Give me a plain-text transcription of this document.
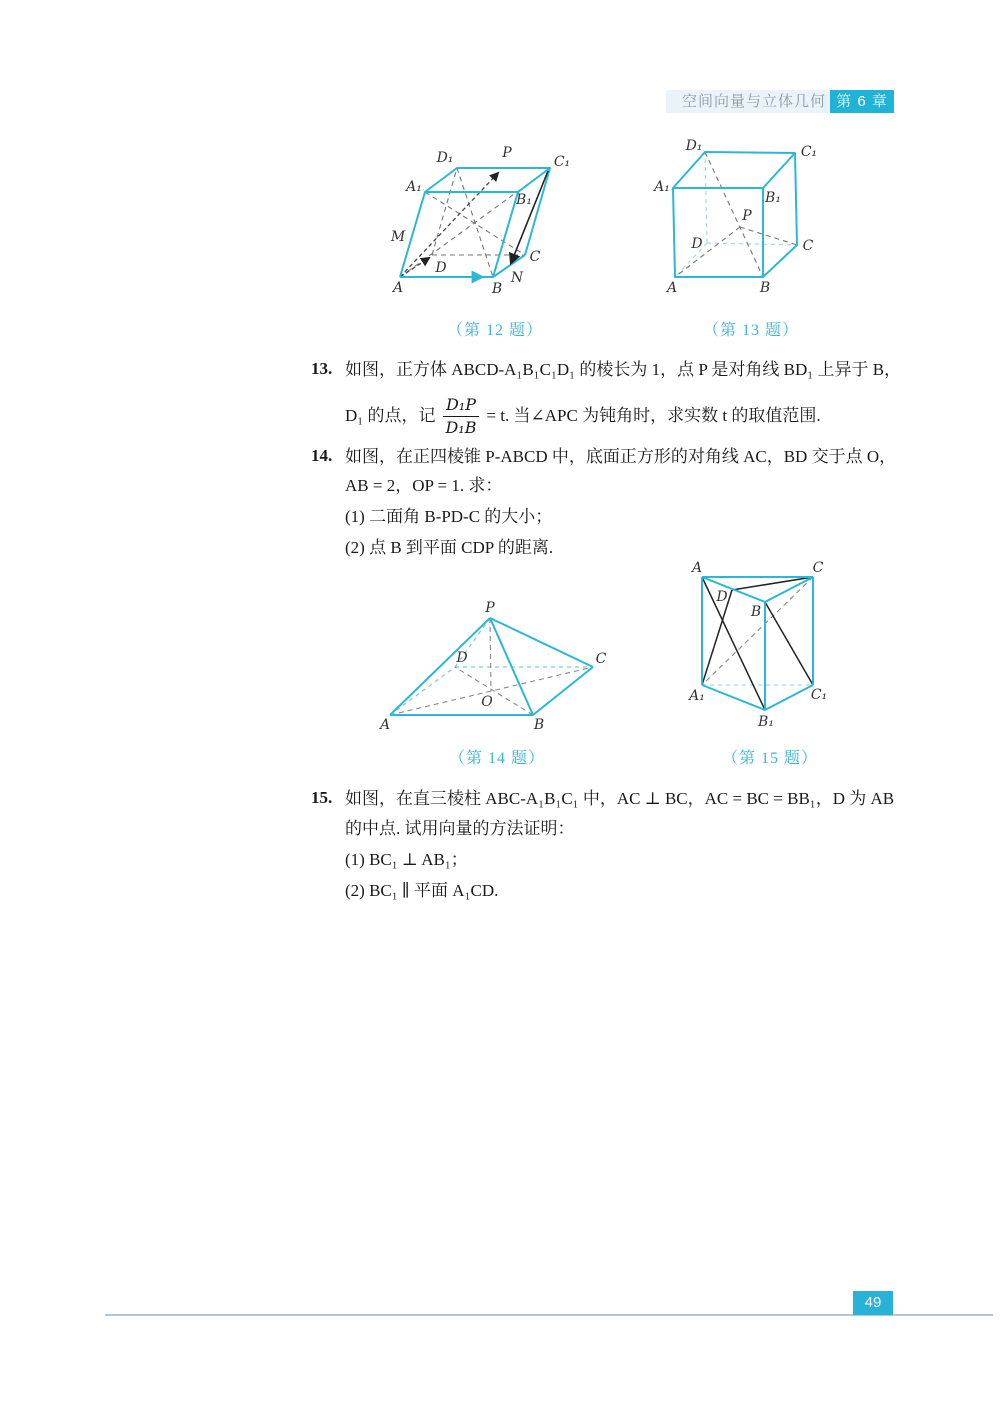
空间向量与立体几何 第 6 章
A	B
C
D
A₁
B₁
C₁
D₁
M
N
P
A	B
C
D
A₁
B₁
C₁
D₁
P
（第 12 题）	（第 13 题）
13. 如图，正方体 ABCD-A₁B₁C₁D₁ 的棱长为 1，点 P 是对角线 BD₁ 上异于 B，
D₁ 的点，记 $\frac{\text{D₁P}}{\text{D₁B}} = t$. 当∠APC 为钝角时，求实数 t 的取值范围.
14. 如图，在正四棱锥 P-ABCD 中，底面正方形的对角线 AC，BD 交于点 O，
AB = 2，OP = 1. 求：
(1) 二面角 B-PD-C 的大小；
(2) 点 B 到平面 CDP 的距离.
P
A	B
C
D
O
A	C
B
D
A₁
B₁
C₁
（第 14 题）	（第 15 题）
15. 如图，在直三棱柱 ABC-A₁B₁C₁ 中，AC ⊥ BC，AC = BC = BB₁，D 为 AB
的中点. 试用向量的方法证明：
(1) BC₁ ⊥ AB₁；
(2) BC₁ ∥ 平面 A₁CD.
49
